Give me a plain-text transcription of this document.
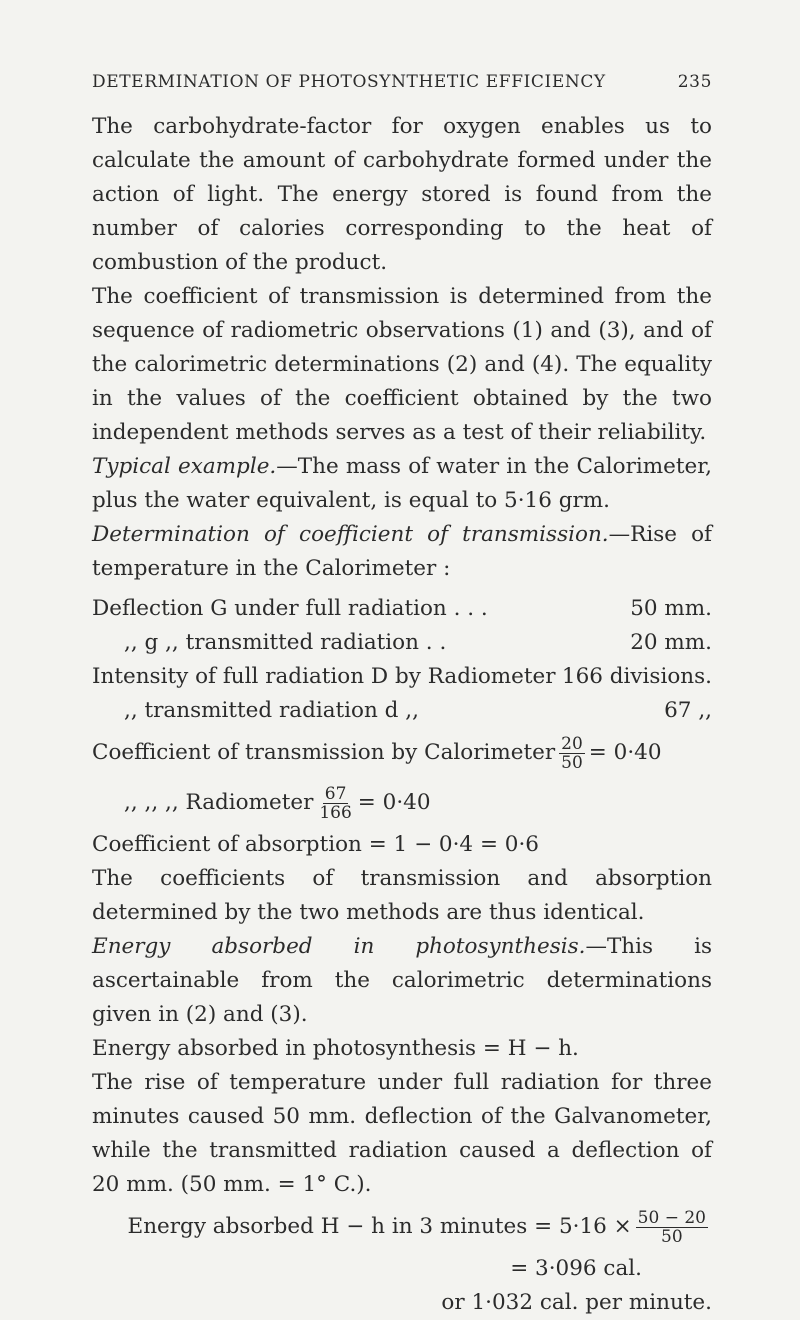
DETERMINATION OF PHOTOSYNTHETIC EFFICIENCY	235

The carbohydrate-factor for oxygen enables us to calculate the amount of carbohydrate formed under the action of light. The energy stored is found from the number of calories corresponding to the heat of combustion of the product.

The coefficient of transmission is determined from the sequence of radiometric observations (1) and (3), and of the calorimetric determinations (2) and (4). The equality in the values of the coefficient obtained by the two independent methods serves as a test of their reliability.

Typical example.—The mass of water in the Calorimeter, plus the water equivalent, is equal to 5·16 grm.

Determination of coefficient of transmission.—Rise of temperature in the Calorimeter :

Deflection G under full radiation . . .	50 mm.
,, g ,, transmitted radiation . .	20 mm.
Intensity of full radiation D by Radiometer 166 divisions.
,, transmitted radiation d ,,	67 ,,
Coefficient of transmission by Calorimeter $\frac{20}{50} = 0\cdot 40$
,, ,, ,, Radiometer $\frac{67}{166} = 0\cdot 40$

Coefficient of absorption = 1 − 0·4 = 0·6

The coefficients of transmission and absorption determined by the two methods are thus identical.

Energy absorbed in photosynthesis.—This is ascertainable from the calorimetric determinations given in (2) and (3).

Energy absorbed in photosynthesis = H − h.

The rise of temperature under full radiation for three minutes caused 50 mm. deflection of the Galvanometer, while the transmitted radiation caused a deflection of 20 mm. (50 mm. = 1° C.).

Energy absorbed H − h in 3 minutes = $5\cdot 16 \times \frac{50 - 20}{50}$
= 3·096 cal.
or 1·032 cal. per minute.
